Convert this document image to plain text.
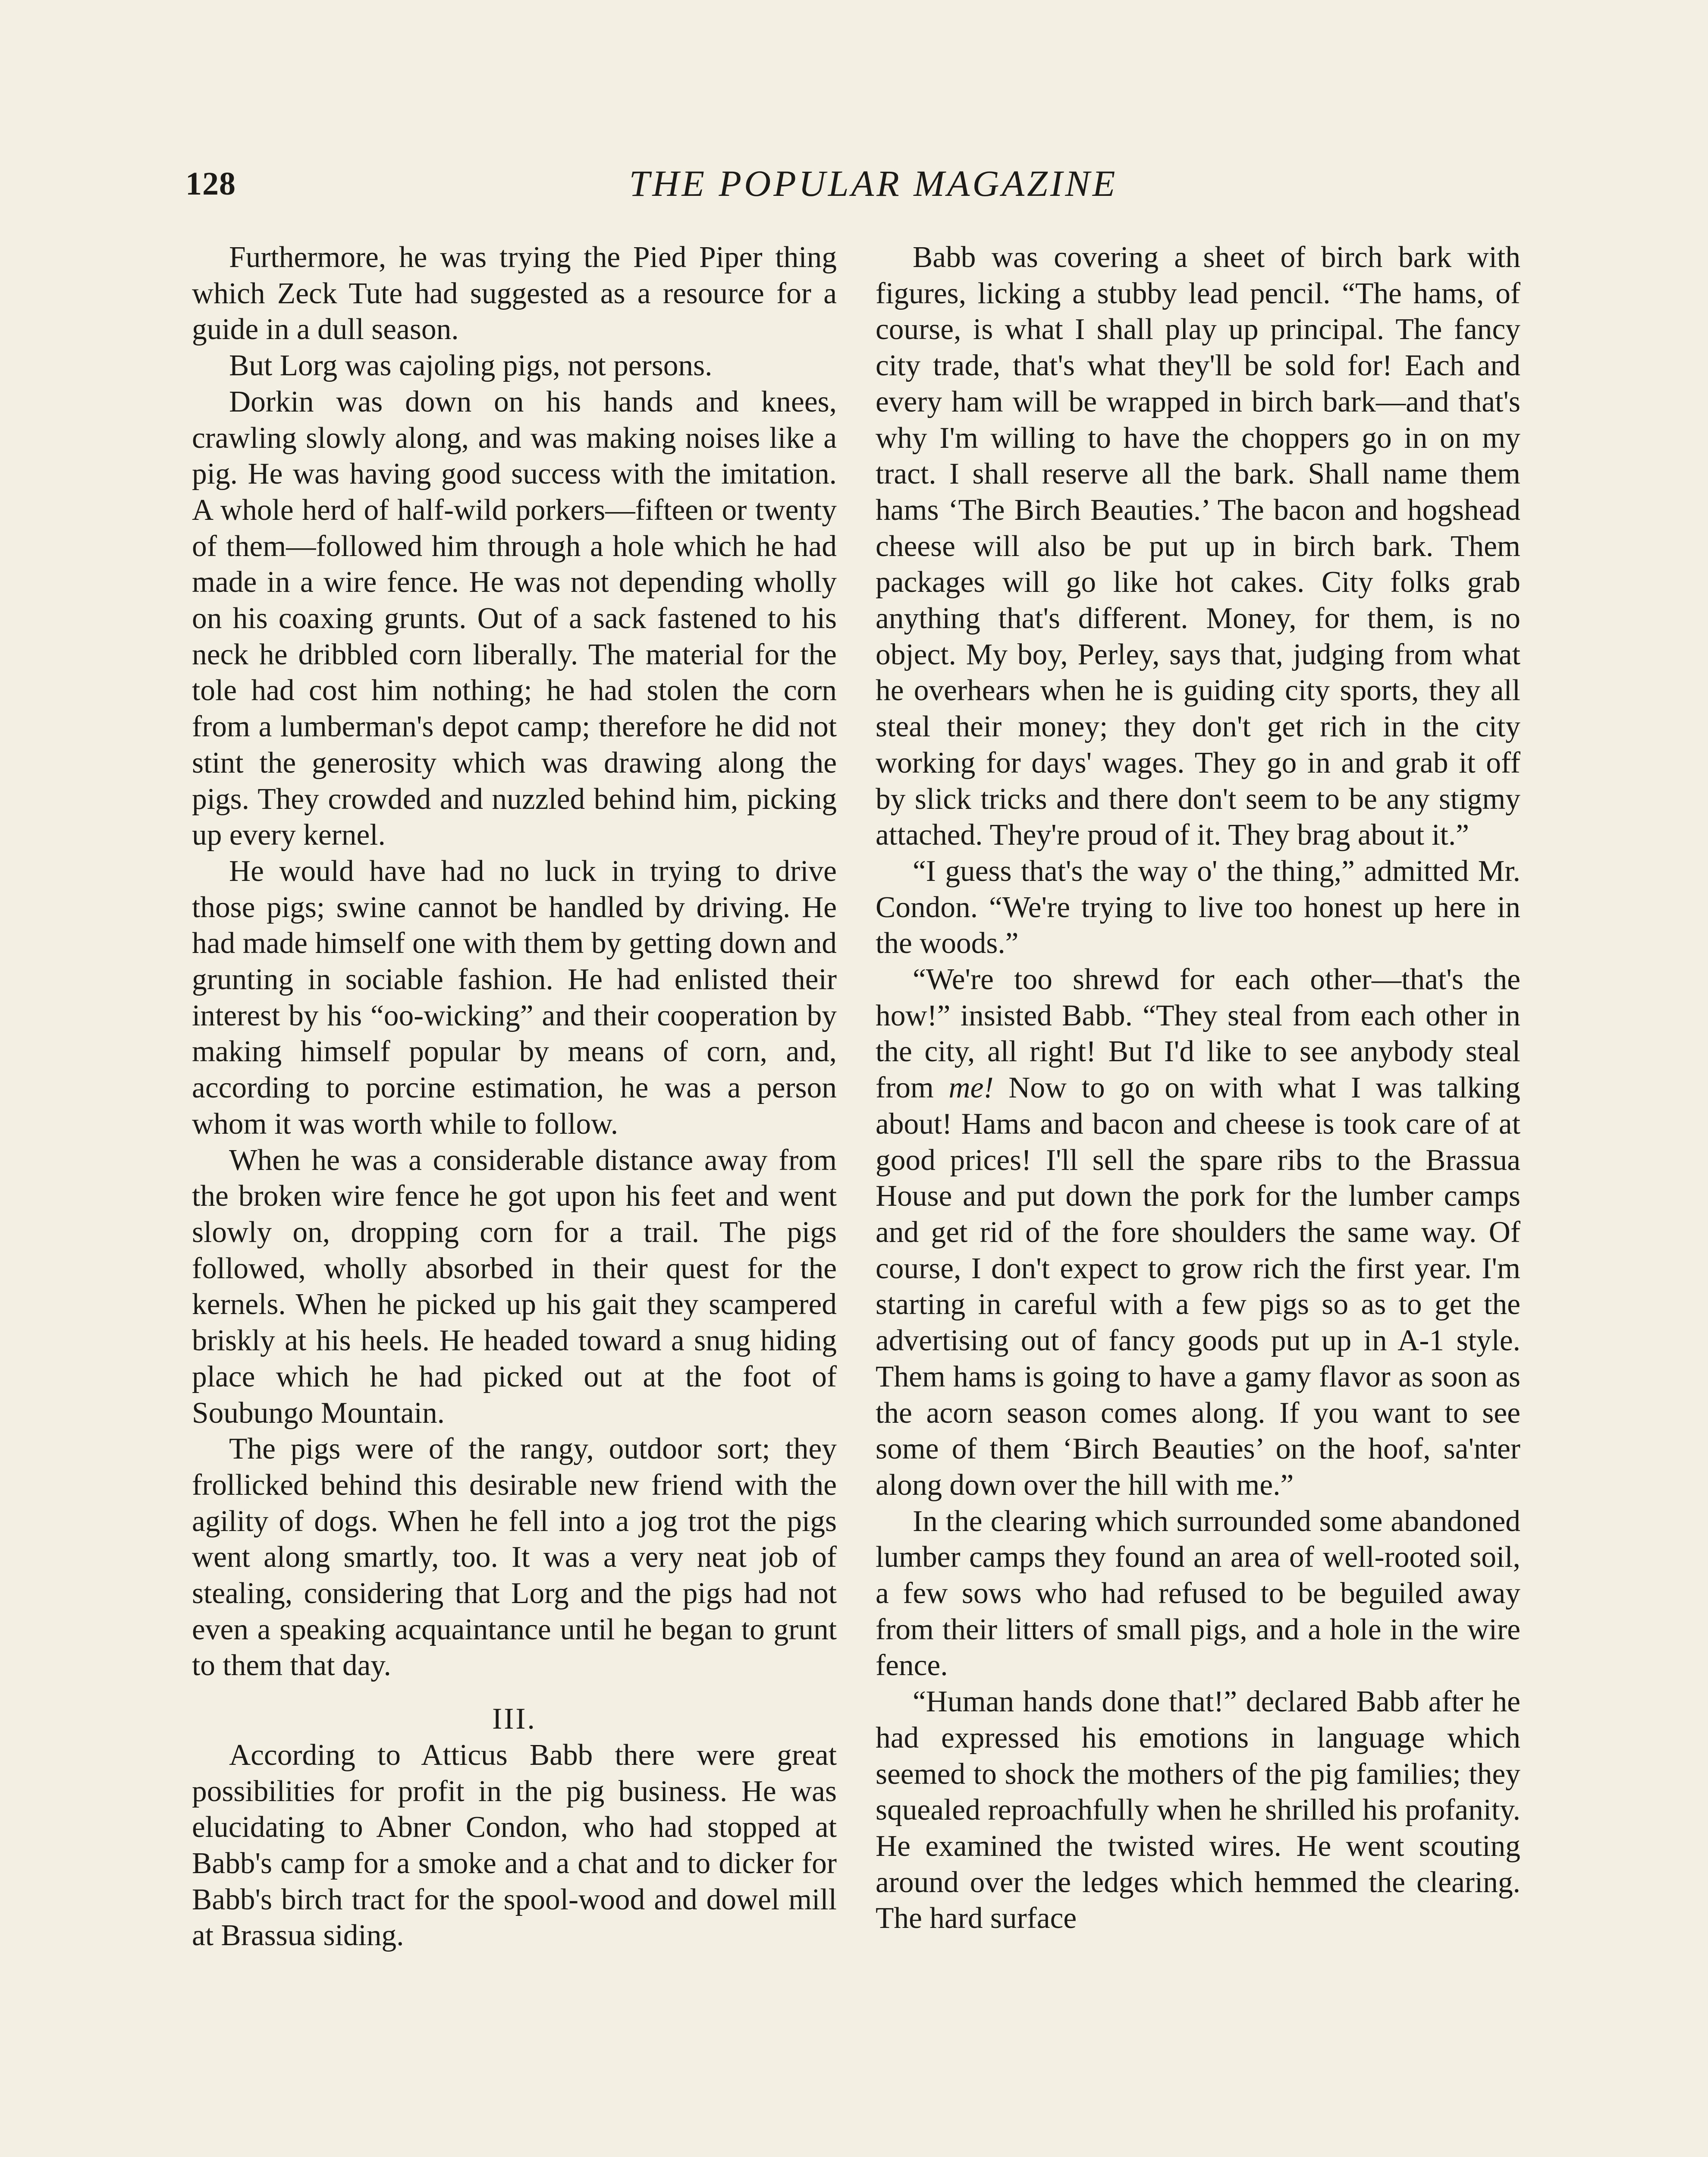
128	THE POPULAR MAGAZINE

Furthermore, he was trying the Pied Piper thing which Zeck Tute had suggested as a resource for a guide in a dull season.

But Lorg was cajoling pigs, not persons.

Dorkin was down on his hands and knees, crawling slowly along, and was making noises like a pig. He was having good success with the imitation. A whole herd of half-wild porkers—fifteen or twenty of them—followed him through a hole which he had made in a wire fence. He was not depending wholly on his coaxing grunts. Out of a sack fastened to his neck he dribbled corn liberally. The material for the tole had cost him nothing; he had stolen the corn from a lumberman's depot camp; therefore he did not stint the generosity which was drawing along the pigs. They crowded and nuzzled behind him, picking up every kernel.

He would have had no luck in trying to drive those pigs; swine cannot be handled by driving. He had made himself one with them by getting down and grunting in sociable fashion. He had enlisted their interest by his “oo-wicking” and their cooperation by making himself popular by means of corn, and, according to porcine estimation, he was a person whom it was worth while to follow.

When he was a considerable distance away from the broken wire fence he got upon his feet and went slowly on, dropping corn for a trail. The pigs followed, wholly absorbed in their quest for the kernels. When he picked up his gait they scampered briskly at his heels. He headed toward a snug hiding place which he had picked out at the foot of Soubungo Mountain.

The pigs were of the rangy, outdoor sort; they frollicked behind this desirable new friend with the agility of dogs. When he fell into a jog trot the pigs went along smartly, too. It was a very neat job of stealing, considering that Lorg and the pigs had not even a speaking acquaintance until he began to grunt to them that day.

III.

According to Atticus Babb there were great possibilities for profit in the pig business. He was elucidating to Abner Condon, who had stopped at Babb's camp for a smoke and a chat and to dicker for Babb's birch tract for the spool-wood and dowel mill at Brassua siding.

Babb was covering a sheet of birch bark with figures, licking a stubby lead pencil. “The hams, of course, is what I shall play up principal. The fancy city trade, that's what they'll be sold for! Each and every ham will be wrapped in birch bark—and that's why I'm willing to have the choppers go in on my tract. I shall reserve all the bark. Shall name them hams ‘The Birch Beauties.’ The bacon and hogshead cheese will also be put up in birch bark. Them packages will go like hot cakes. City folks grab anything that's different. Money, for them, is no object. My boy, Perley, says that, judging from what he overhears when he is guiding city sports, they all steal their money; they don't get rich in the city working for days' wages. They go in and grab it off by slick tricks and there don't seem to be any stigmy attached. They're proud of it. They brag about it.”

“I guess that's the way o' the thing,” admitted Mr. Condon. “We're trying to live too honest up here in the woods.”

“We're too shrewd for each other—that's the how!” insisted Babb. “They steal from each other in the city, all right! But I'd like to see anybody steal from me! Now to go on with what I was talking about! Hams and bacon and cheese is took care of at good prices! I'll sell the spare ribs to the Brassua House and put down the pork for the lumber camps and get rid of the fore shoulders the same way. Of course, I don't expect to grow rich the first year. I'm starting in careful with a few pigs so as to get the advertising out of fancy goods put up in A-1 style. Them hams is going to have a gamy flavor as soon as the acorn season comes along. If you want to see some of them ‘Birch Beauties’ on the hoof, sa'nter along down over the hill with me.”

In the clearing which surrounded some abandoned lumber camps they found an area of well-rooted soil, a few sows who had refused to be beguiled away from their litters of small pigs, and a hole in the wire fence.

“Human hands done that!” declared Babb after he had expressed his emotions in language which seemed to shock the mothers of the pig families; they squealed reproachfully when he shrilled his profanity. He examined the twisted wires. He went scouting around over the ledges which hemmed the clearing. The hard surface
